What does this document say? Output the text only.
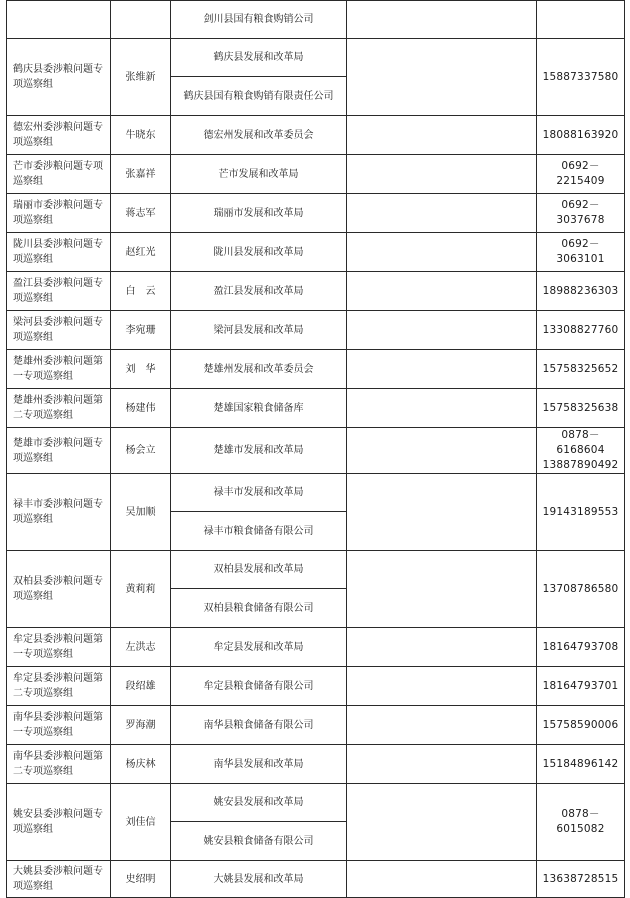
		剑川县国有粮食购销公司		
鹤庆县委涉粮问题专项巡察组	张维新	鹤庆县发展和改革局		15887337580
		鹤庆县国有粮食购销有限责任公司		
德宏州委涉粮问题专项巡察组	牛晓东	德宏州发展和改革委员会		18088163920
芒市委涉粮问题专项巡察组	张嘉祥	芒市发展和改革局		0692－2215409
瑞丽市委涉粮问题专项巡察组	蒋志军	瑞丽市发展和改革局		0692－3037678
陇川县委涉粮问题专项巡察组	赵红光	陇川县发展和改革局		0692－3063101
盈江县委涉粮问题专项巡察组	白　云	盈江县发展和改革局		18988236303
梁河县委涉粮问题专项巡察组	李宛珊	梁河县发展和改革局		13308827760
楚雄州委涉粮问题第一专项巡察组	刘　华	楚雄州发展和改革委员会		15758325652
楚雄州委涉粮问题第二专项巡察组	杨建伟	楚雄国家粮食储备库		15758325638
楚雄市委涉粮问题专项巡察组	杨会立	楚雄市发展和改革局		0878－6168604 13887890492
禄丰市委涉粮问题专项巡察组	吴加顺	禄丰市发展和改革局		19143189553
		禄丰市粮食储备有限公司		
双柏县委涉粮问题专项巡察组	黄莉莉	双柏县发展和改革局		13708786580
		双柏县粮食储备有限公司		
牟定县委涉粮问题第一专项巡察组	左洪志	牟定县发展和改革局		18164793708
牟定县委涉粮问题第二专项巡察组	段绍雄	牟定县粮食储备有限公司		18164793701
南华县委涉粮问题第一专项巡察组	罗海潮	南华县粮食储备有限公司		15758590006
南华县委涉粮问题第二专项巡察组	杨庆林	南华县发展和改革局		15184896142
姚安县委涉粮问题专项巡察组	刘佳信	姚安县发展和改革局		0878－6015082
		姚安县粮食储备有限公司		
大姚县委涉粮问题专项巡察组	史绍明	大姚县发展和改革局		13638728515
